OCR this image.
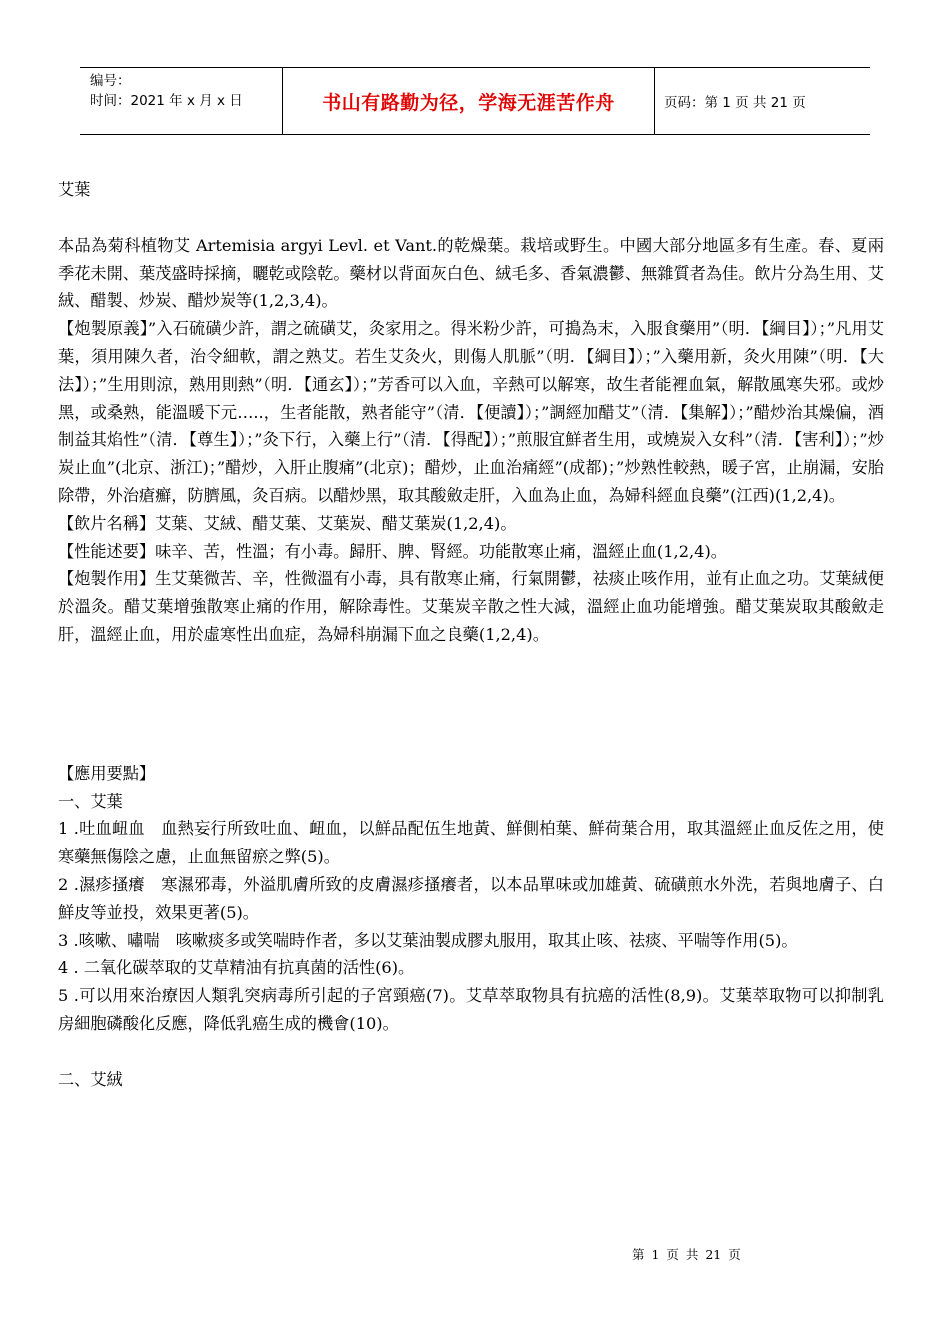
编号：
时间：2021 年 x 月 x 日	书山有路勤为径，学海无涯苦作舟	页码：第 1 页 共 21 页

艾葉

本品為菊科植物艾 Artemisia argyi Levl. et Vant.的乾燥葉。栽培或野生。中國大部分地區多有生產。春、夏兩季花未開、葉茂盛時採摘，曬乾或陰乾。藥材以背面灰白色、絨毛多、香氣濃鬱、無雜質者為佳。飲片分為生用、艾絨、醋製、炒炭、醋炒炭等(1,2,3,4)。

【炮製原義】”入石硫磺少許，謂之硫磺艾，灸家用之。得米粉少許，可搗為末，入服食藥用”（明．【綱目】）；”凡用艾葉，須用陳久者，治令細軟，謂之熟艾。若生艾灸火，則傷人肌脈”（明．【綱目】）；”入藥用新，灸火用陳”（明．【大法】）；”生用則涼，熟用則熱”（明．【通玄】）；”芳香可以入血，辛熱可以解寒，故生者能裡血氣，解散風寒失邪。或炒黑，或桑熟，能溫暖下元…..，生者能散，熟者能守”（清．【便讀】）；”調經加醋艾”（清．【集解】）；”醋炒治其燥偏，酒制益其焰性”（清．【尊生】）；”灸下行，入藥上行”（清．【得配】）；”煎服宜鮮者生用，或燒炭入女科”（清．【害利】）；”炒炭止血”(北京、浙江)；”醋炒，入肝止腹痛”(北京)；醋炒，止血治痛經”(成都)；”炒熟性較熱，暖子宮，止崩漏，安胎除帶，外治瘡癬，防臍風，灸百病。以醋炒黑，取其酸斂走肝，入血為止血，為婦科經血良藥”(江西)(1,2,4)。

【飲片名稱】艾葉、艾絨、醋艾葉、艾葉炭、醋艾葉炭(1,2,4)。

【性能述要】味辛、苦，性溫；有小毒。歸肝、脾、腎經。功能散寒止痛，溫經止血(1,2,4)。

【炮製作用】生艾葉微苦、辛，性微溫有小毒，具有散寒止痛，行氣開鬱，祛痰止咳作用，並有止血之功。艾葉絨便於溫灸。醋艾葉增強散寒止痛的作用，解除毒性。艾葉炭辛散之性大減，溫經止血功能增強。醋艾葉炭取其酸斂走肝，溫經止血，用於虛寒性出血症，為婦科崩漏下血之良藥(1,2,4)。

【應用要點】

一、艾葉

1 .吐血衄血　血熱妄行所致吐血、衄血，以鮮品配伍生地黃、鮮側柏葉、鮮荷葉合用，取其溫經止血反佐之用，使寒藥無傷陰之慮，止血無留瘀之弊(5)。

2 .濕疹搔癢　寒濕邪毒，外溢肌膚所致的皮膚濕疹搔癢者，以本品單味或加雄黃、硫磺煎水外洗，若與地膚子、白鮮皮等並投，效果更著(5)。

3 .咳嗽、嘯喘　咳嗽痰多或笑喘時作者，多以艾葉油製成膠丸服用，取其止咳、祛痰、平喘等作用(5)。

4 . 二氧化碳萃取的艾草精油有抗真菌的活性(6)。

5 .可以用來治療因人類乳突病毒所引起的子宮頸癌(7)。艾草萃取物具有抗癌的活性(8,9)。艾葉萃取物可以抑制乳房細胞磷酸化反應，降低乳癌生成的機會(10)。

二、艾絨

第 1 页 共 21 页
